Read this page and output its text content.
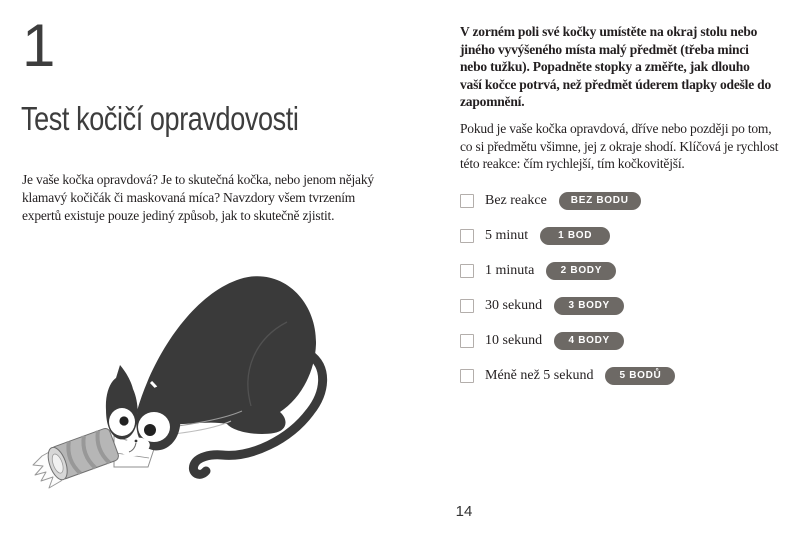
1
Test kočičí opravdovosti

Je vaše kočka opravdová? Je to skutečná kočka, nebo jenom nějaký klamavý kočičák či maskovaná míca? Navzdory všem tvrzením expertů existuje pouze jediný způsob, jak to skutečně zjistit.

V zorném poli své kočky umístěte na okraj stolu nebo jiného vyvýšeného místa malý předmět (třeba minci nebo tužku). Popadněte stopky a změřte, jak dlouho vaší kočce potrvá, než předmět úderem tlapky odešle do zapomnění.

Pokud je vaše kočka opravdová, dříve nebo později po tom, co si předmětu všimne, jej z okraje shodí. Klíčová je rychlost této reakce: čím rychlejší, tím kočkovitější.

Bez reakce	BEZ BODU
5 minut	1 BOD
1 minuta	2 BODY
30 sekund	3 BODY
10 sekund	4 BODY
Méně než 5 sekund	5 BODŮ
14
